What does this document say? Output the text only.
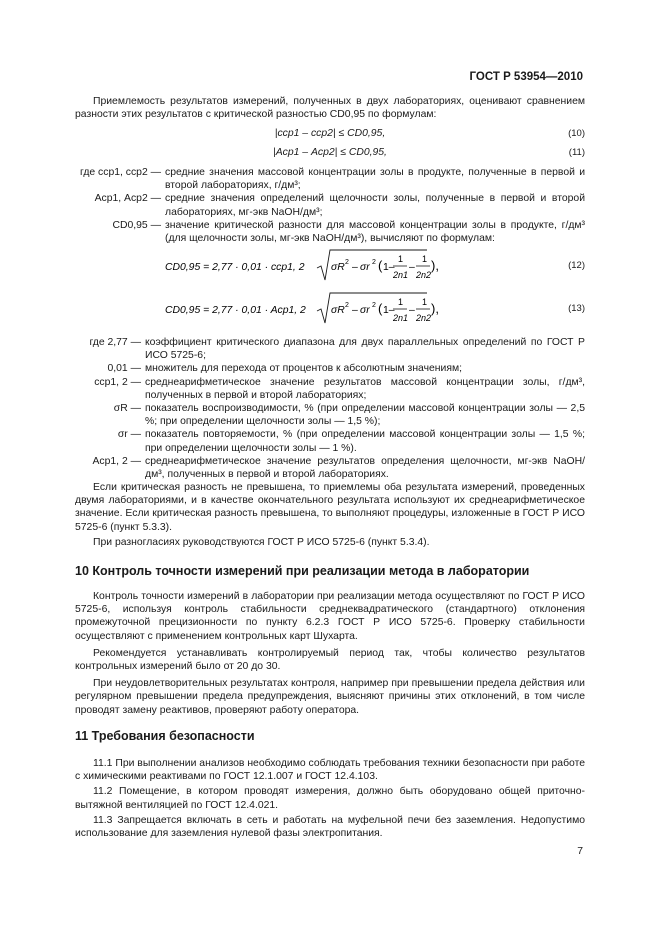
ГОСТ Р 53954—2010

Приемлемость результатов измерений, полученных в двух лабораториях, оценивают сравнением разности этих результатов с критической разностью CD0,95 по формулам:

|cср1 – cср2| ≤ CD0,95,	(10)
|Aср1 – Aср2| ≤ CD0,95,	(11)
где cср1, cср2 — средние значения массовой концентрации золы в продукте, полученные в первой и второй лабораториях, г/дм³;
Aср1, Aср2 — средние значения определений щелочности золы, полученные в первой и второй лабораториях, мг-экв NaOH/дм³;
CD0,95 — значение критической разности для массовой концентрации золы в продукте, г/дм³ (для щелочности золы, мг-экв NaOH/дм³), вычисляют по формулам:
CD0,95 = 2,77 · 0,01 · cср1, 2	σR 2 – σr 2 ( 1–
1
2n1
–
1
2n2
),	(12)
CD0,95 = 2,77 · 0,01 · Aср1, 2 σR 2 – σr 2 ( 1–
1
2n1
–
1
2n2
),	(13)
где 2,77 — коэффициент критического диапазона для двух параллельных определений по ГОСТ Р ИСО 5725-6;
0,01 — множитель для перехода от процентов к абсолютным значениям;
cср1, 2 — среднеарифметическое значение результатов массовой концентрации золы, г/дм³, полученных в первой и второй лабораториях;
σR — показатель воспроизводимости, % (при определении массовой концентрации золы — 2,5 %; при определении щелочности золы — 1,5 %);
σr — показатель повторяемости, % (при определении массовой концентрации золы — 1,5 %; при определении щелочности золы — 1 %).
Aср1, 2 — среднеарифметическое значение результатов определения щелочности, мг-экв NaOH/дм³, полученных в первой и второй лабораториях.

Если критическая разность не превышена, то приемлемы оба результата измерений, проведенных двумя лабораториями, и в качестве окончательного результата используют их среднеарифметическое значение. Если критическая разность превышена, то выполняют процедуры, изложенные в ГОСТ Р ИСО 5725-6 (пункт 5.3.3).

При разногласиях руководствуются ГОСТ Р ИСО 5725-6 (пункт 5.3.4).

10 Контроль точности измерений при реализации метода в лаборатории

Контроль точности измерений в лаборатории при реализации метода осуществляют по ГОСТ Р ИСО 5725-6, используя контроль стабильности среднеквадратического (стандартного) отклонения промежуточной прецизионности по пункту 6.2.3 ГОСТ Р ИСО 5725-6. Проверку стабильности осуществляют с применением контрольных карт Шухарта.

Рекомендуется устанавливать контролируемый период так, чтобы количество результатов контрольных измерений было от 20 до 30.

При неудовлетворительных результатах контроля, например при превышении предела действия или регулярном превышении предела предупреждения, выясняют причины этих отклонений, в том числе проводят замену реактивов, проверяют работу оператора.

11 Требования безопасности

11.1 При выполнении анализов необходимо соблюдать требования техники безопасности при работе с химическими реактивами по ГОСТ 12.1.007 и ГОСТ 12.4.103.

11.2 Помещение, в котором проводят измерения, должно быть оборудовано общей приточно-вытяжной вентиляцией по ГОСТ 12.4.021.

11.3 Запрещается включать в сеть и работать на муфельной печи без заземления. Недопустимо использование для заземления нулевой фазы электропитания.

7
